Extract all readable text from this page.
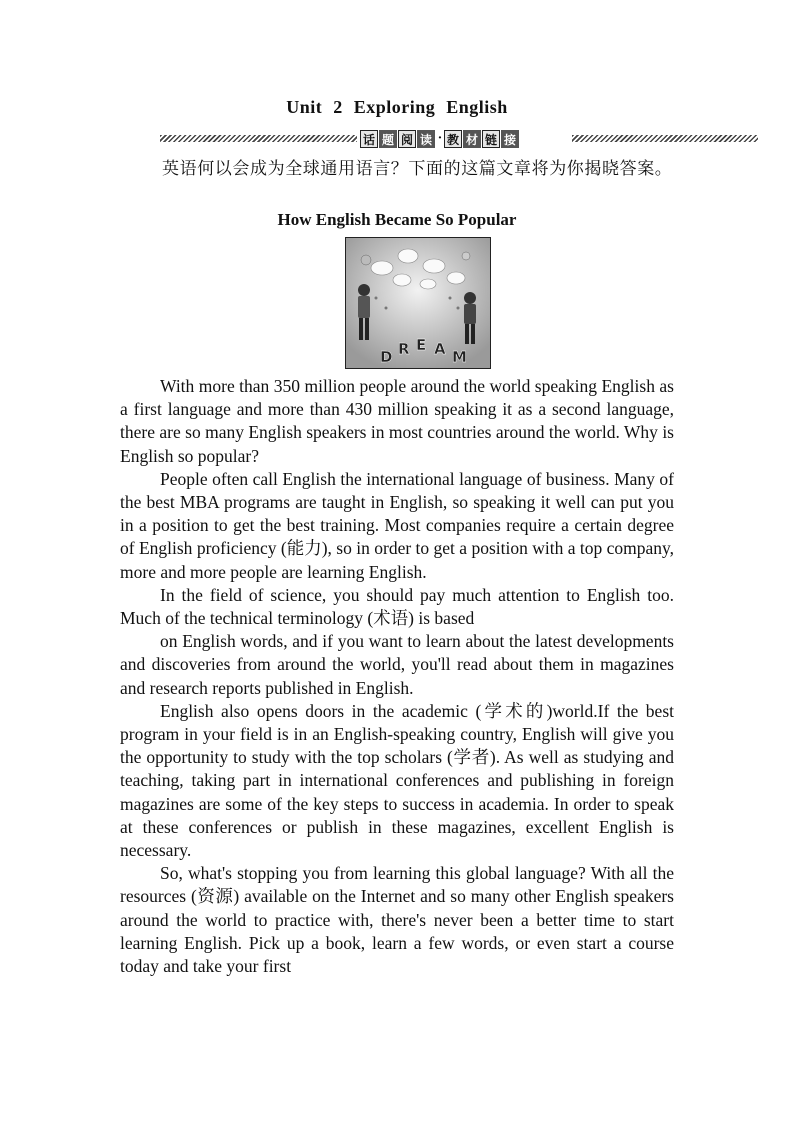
Unit 2 Exploring English
话 题 阅 读 · 教 材 链 接
英语何以会成为全球通用语言？下面的这篇文章将为你揭晓答案。
How English Became So Popular
D R E A M

With more than 350 million people around the world speaking English as a first language and more than 430 million speaking it as a second language, there are so many English speakers in most countries around the world. Why is English so popular?

People often call English the international language of business. Many of the best MBA programs are taught in English, so speaking it well can put you in a position to get the best training. Most companies require a certain degree of English proficiency (能力), so in order to get a position with a top company, more and more people are learning English.

In the field of science, you should pay much attention to English too. Much of the technical terminology (术语) is based

on English words, and if you want to learn about the latest developments and discoveries from around the world, you'll read about them in magazines and research reports published in English.

English also opens doors in the academic (学术的)world.If the best program in your field is in an English-speaking country, English will give you the opportunity to study with the top scholars (学者). As well as studying and teaching, taking part in international conferences and publishing in foreign magazines are some of the key steps to success in academia. In order to speak at these conferences or publish in these magazines, excellent English is necessary.

So, what's stopping you from learning this global language? With all the resources (资源) available on the Internet and so many other English speakers around the world to practice with, there's never been a better time to start learning English. Pick up a book, learn a few words, or even start a course today and take your first
